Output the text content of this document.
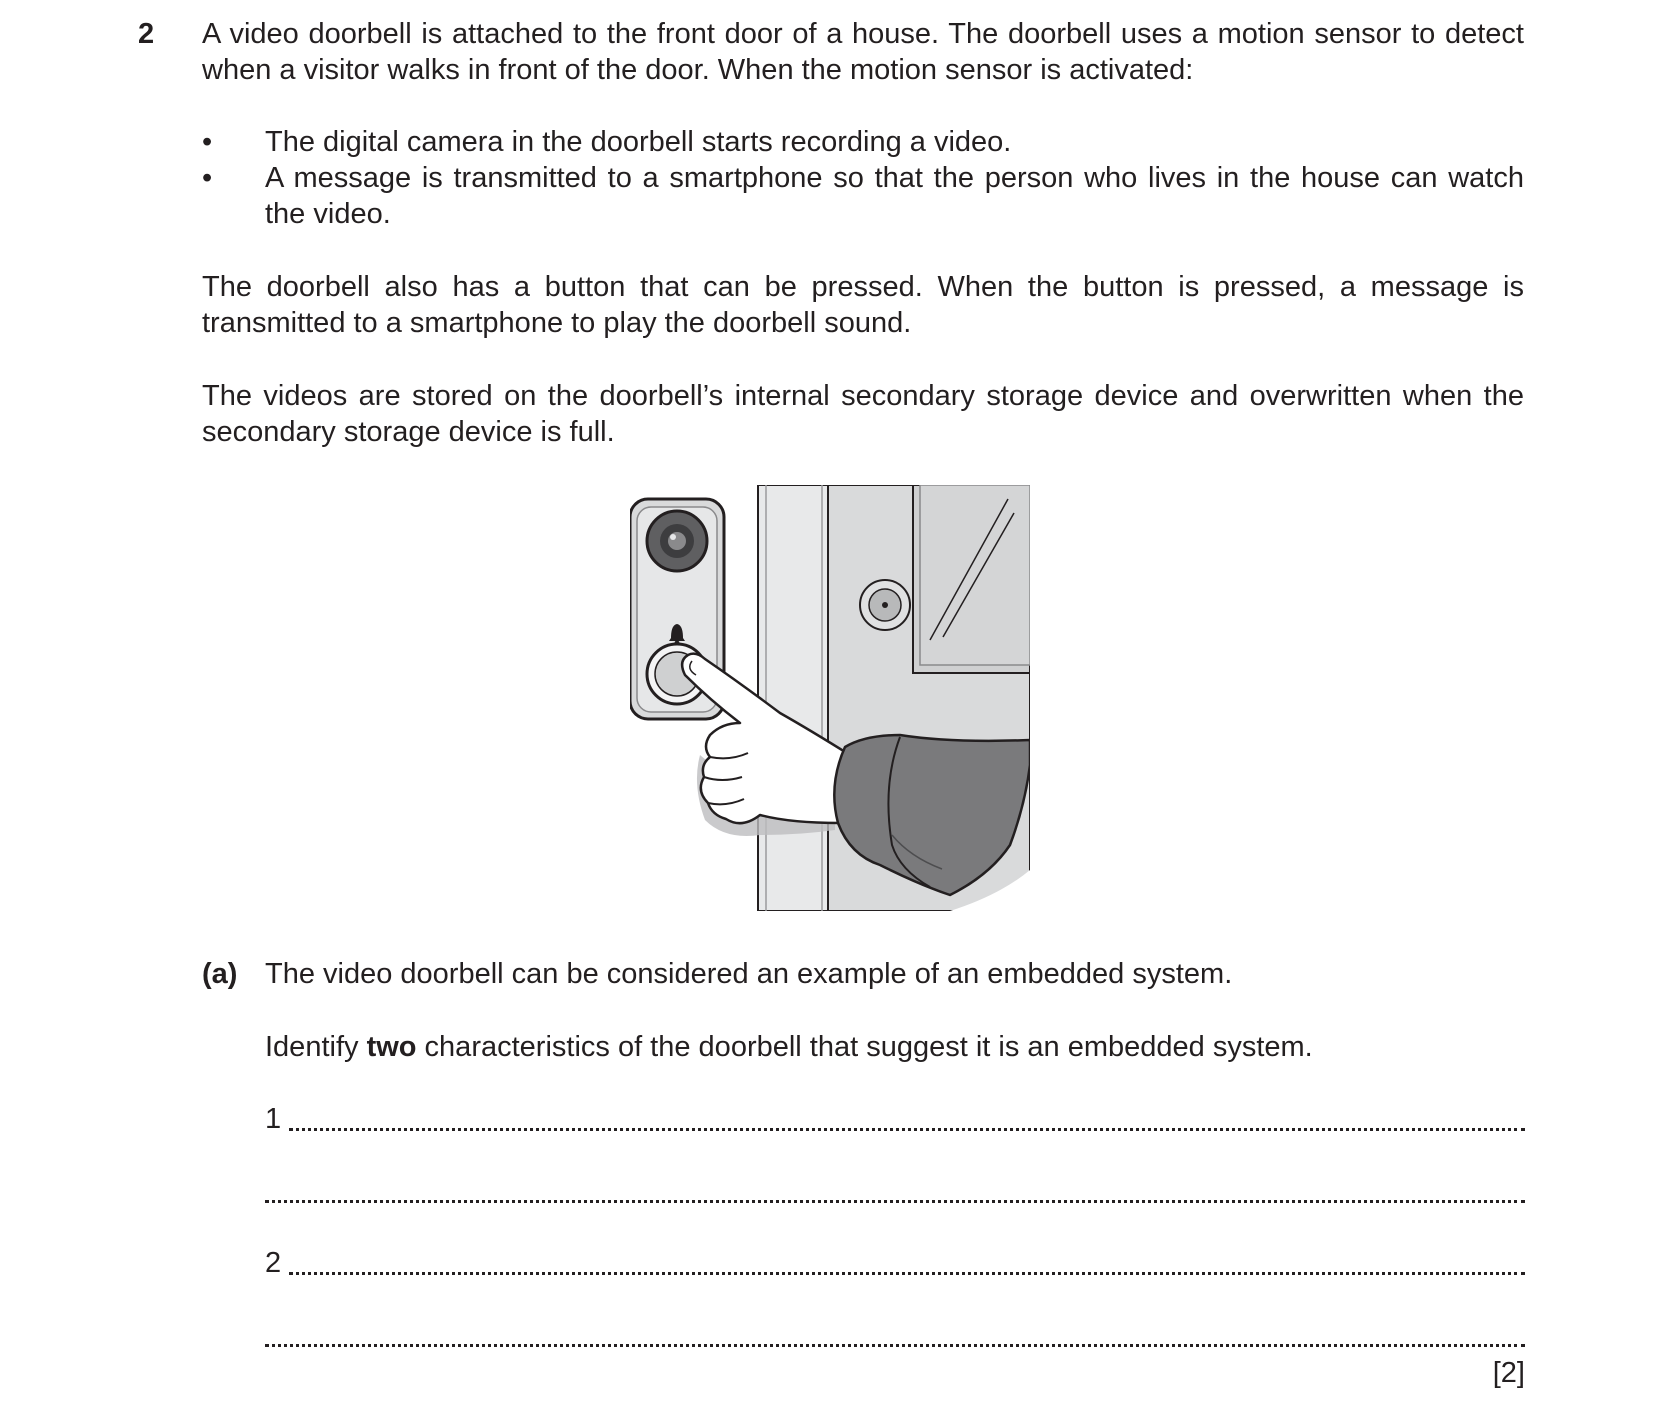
2 A video doorbell is attached to the front door of a house. The doorbell uses a motion sensor to detect when a visitor walks in front of the door. When the motion sensor is activated:
•	The digital camera in the doorbell starts recording a video.
•	A message is transmitted to a smartphone so that the person who lives in the house can watch the video.
The doorbell also has a button that can be pressed. When the button is pressed, a message is transmitted to a smartphone to play the doorbell sound.
The videos are stored on the doorbell’s internal secondary storage device and overwritten when the secondary storage device is full.
(a) The video doorbell can be considered an example of an embedded system.
Identify two characteristics of the doorbell that suggest it is an embedded system.
1
2
[2]
